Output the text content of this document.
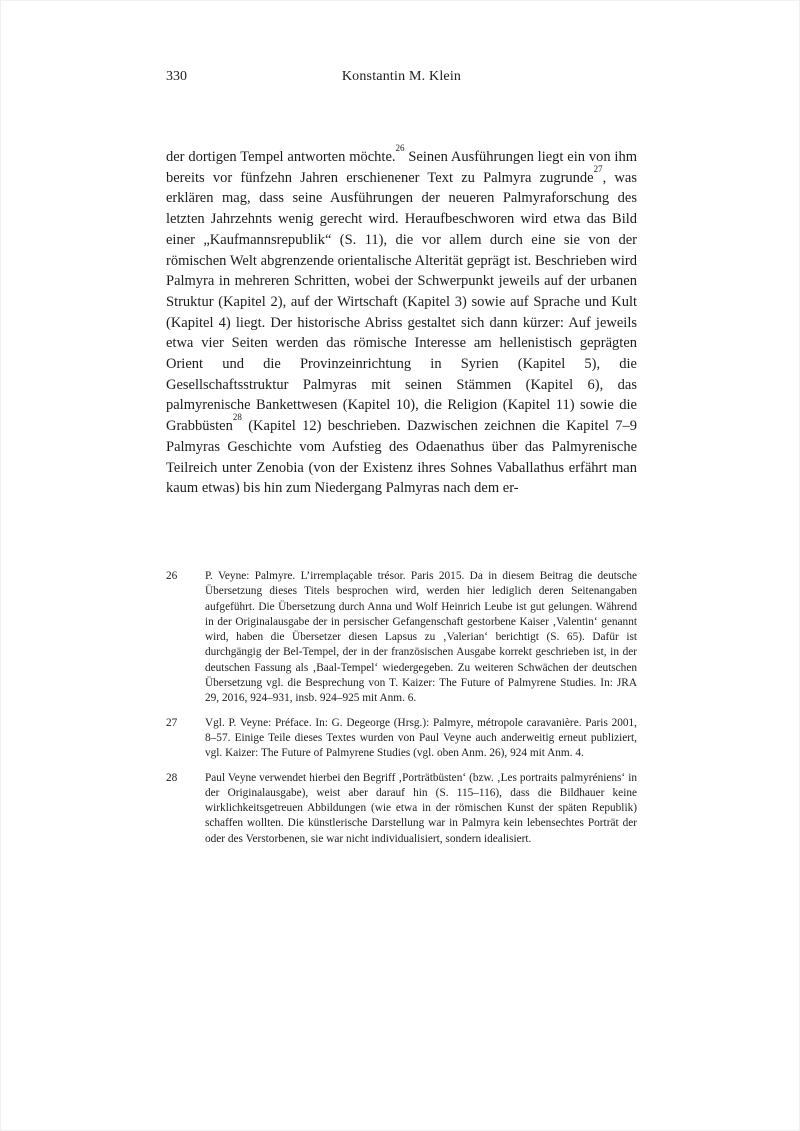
330	Konstantin M. Klein

der dortigen Tempel antworten möchte.$^{26}$ Seinen Ausführungen liegt ein von ihm bereits vor fünfzehn Jahren erschienener Text zu Palmyra zugrunde$^{27}$, was erklären mag, dass seine Ausführungen der neueren Palmyraforschung des letzten Jahrzehnts wenig gerecht wird. Heraufbeschworen wird etwa das Bild einer „Kaufmannsrepublik“ (S. 11), die vor allem durch eine sie von der römischen Welt abgrenzende orientalische Alterität geprägt ist. Beschrieben wird Palmyra in mehreren Schritten, wobei der Schwerpunkt jeweils auf der urbanen Struktur (Kapitel 2), auf der Wirtschaft (Kapitel 3) sowie auf Sprache und Kult (Kapitel 4) liegt. Der historische Abriss gestaltet sich dann kürzer: Auf jeweils etwa vier Seiten werden das römische Interesse am hellenistisch geprägten Orient und die Provinzeinrichtung in Syrien (Kapitel 5), die Gesellschaftsstruktur Palmyras mit seinen Stämmen (Kapitel 6), das palmyrenische Bankettwesen (Kapitel 10), die Religion (Kapitel 11) sowie die Grabbüsten$^{28}$ (Kapitel 12) beschrieben. Dazwischen zeichnen die Kapitel 7–9 Palmyras Geschichte vom Aufstieg des Odaenathus über das Palmyrenische Teilreich unter Zenobia (von der Existenz ihres Sohnes Vaballathus erfährt man kaum etwas) bis hin zum Niedergang Palmyras nach dem er-

26	P. Veyne: Palmyre. L’irremplaçable trésor. Paris 2015. Da in diesem Beitrag die deutsche Übersetzung dieses Titels besprochen wird, werden hier lediglich deren Seitenangaben aufgeführt. Die Übersetzung durch Anna und Wolf Heinrich Leube ist gut gelungen. Während in der Originalausgabe der in persischer Gefangenschaft gestorbene Kaiser ‚Valentin‘ genannt wird, haben die Übersetzer diesen Lapsus zu ‚Valerian‘ berichtigt (S. 65). Dafür ist durchgängig der Bel-Tempel, der in der französischen Ausgabe korrekt geschrieben ist, in der deutschen Fassung als ‚Baal-Tempel‘ wiedergegeben. Zu weiteren Schwächen der deutschen Übersetzung vgl. die Besprechung von T. Kaizer: The Future of Palmyrene Studies. In: JRA 29, 2016, 924–931, insb. 924–925 mit Anm. 6.
27	Vgl. P. Veyne: Préface. In: G. Degeorge (Hrsg.): Palmyre, métropole caravanière. Paris 2001, 8–57. Einige Teile dieses Textes wurden von Paul Veyne auch anderweitig erneut publiziert, vgl. Kaizer: The Future of Palmyrene Studies (vgl. oben Anm. 26), 924 mit Anm. 4.
28	Paul Veyne verwendet hierbei den Begriff ‚Porträtbüsten‘ (bzw. ‚Les portraits palmyréniens‘ in der Originalausgabe), weist aber darauf hin (S. 115–116), dass die Bildhauer keine wirklichkeitsgetreuen Abbildungen (wie etwa in der römischen Kunst der späten Republik) schaffen wollten. Die künstlerische Darstellung war in Palmyra kein lebensechtes Porträt der oder des Verstorbenen, sie war nicht individualisiert, sondern idealisiert.
